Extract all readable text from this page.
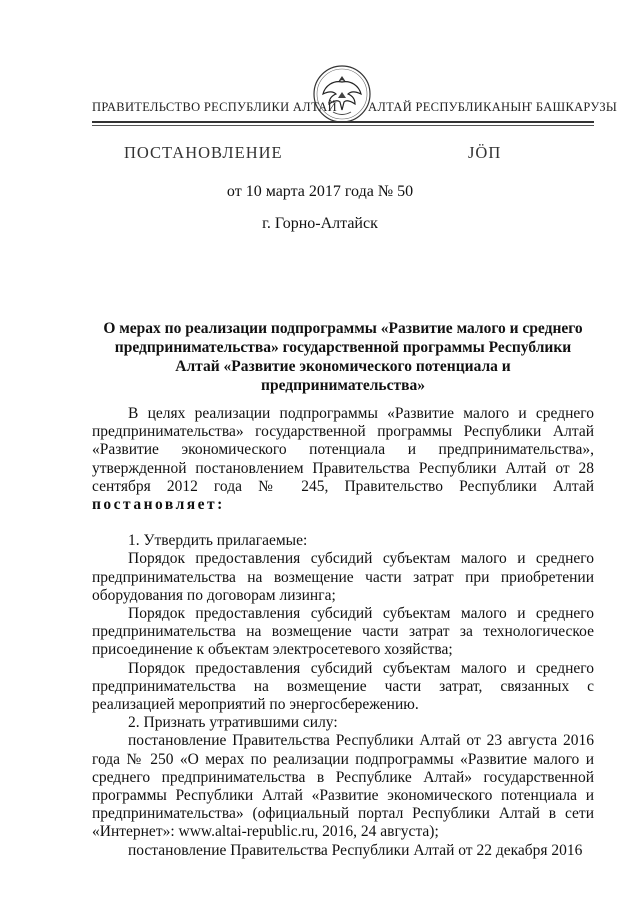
ПРАВИТЕЛЬСТВО РЕСПУБЛИКИ АЛТАЙ АЛТАЙ РЕСПУБЛИКАНЫҤ БАШКАРУЗЫ
ПОСТАНОВЛЕНИЕ	JÖП
от 10 марта 2017 года № 50
г. Горно-Алтайск
О мерах по реализации подпрограммы «Развитие малого и среднего предпринимательства» государственной программы Республики Алтай «Развитие экономического потенциала и предпринимательства»

В целях реализации подпрограммы «Развитие малого и среднего предпринимательства» государственной программы Республики Алтай «Развитие экономического потенциала и предпринимательства», утвержденной постановлением Правительства Республики Алтай от 28 сентября 2012 года № 245, Правительство Республики Алтай постановляет:

1. Утвердить прилагаемые:

Порядок предоставления субсидий субъектам малого и среднего предпринимательства на возмещение части затрат при приобретении оборудования по договорам лизинга;

Порядок предоставления субсидий субъектам малого и среднего предпринимательства на возмещение части затрат за технологическое присоединение к объектам электросетевого хозяйства;

Порядок предоставления субсидий субъектам малого и среднего предпринимательства на возмещение части затрат, связанных с реализацией мероприятий по энергосбережению.

2. Признать утратившими силу:

постановление Правительства Республики Алтай от 23 августа 2016 года № 250 «О мерах по реализации подпрограммы «Развитие малого и среднего предпринимательства в Республике Алтай» государственной программы Республики Алтай «Развитие экономического потенциала и предпринимательства» (официальный портал Республики Алтай в сети «Интернет»: www.altai-republic.ru, 2016, 24 августа);

постановление Правительства Республики Алтай от 22 декабря 2016
